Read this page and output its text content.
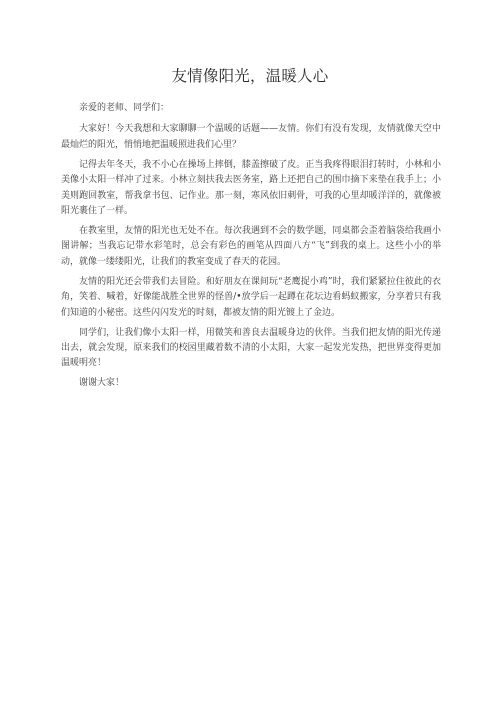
友情像阳光，温暖人心

亲爱的老师、同学们：

大家好！今天我想和大家聊聊一个温暖的话题——友情。你们有没有发现，友情就像天空中最灿烂的阳光，悄悄地把温暖照进我们心里？

记得去年冬天，我不小心在操场上摔倒，膝盖擦破了皮。正当我疼得眼泪打转时，小林和小美像小太阳一样冲了过来。小林立刻扶我去医务室，路上还把自己的围巾摘下来垫在我手上；小美则跑回教室，帮我拿书包、记作业。那一刻，寒风依旧刺骨，可我的心里却暖洋洋的，就像被阳光裹住了一样。

在教室里，友情的阳光也无处不在。每次我遇到不会的数学题，同桌都会歪着脑袋给我画小图讲解；当我忘记带水彩笔时，总会有彩色的画笔从四面八方“飞”到我的桌上。这些小小的举动，就像一缕缕阳光，让我们的教室变成了春天的花园。

友情的阳光还会带我们去冒险。和好朋友在课间玩“老鹰捉小鸡”时，我们紧紧拉住彼此的衣角，笑着、喊着，好像能战胜全世界的怪兽/•放学后一起蹲在花坛边看蚂蚁搬家，分享着只有我们知道的小秘密。这些闪闪发光的时刻，都被友情的阳光镀上了金边。

同学们，让我们像小太阳一样，用微笑和善良去温暖身边的伙伴。当我们把友情的阳光传递出去，就会发现，原来我们的校园里藏着数不清的小太阳，大家一起发光发热，把世界变得更加温暖明亮！

谢谢大家！
